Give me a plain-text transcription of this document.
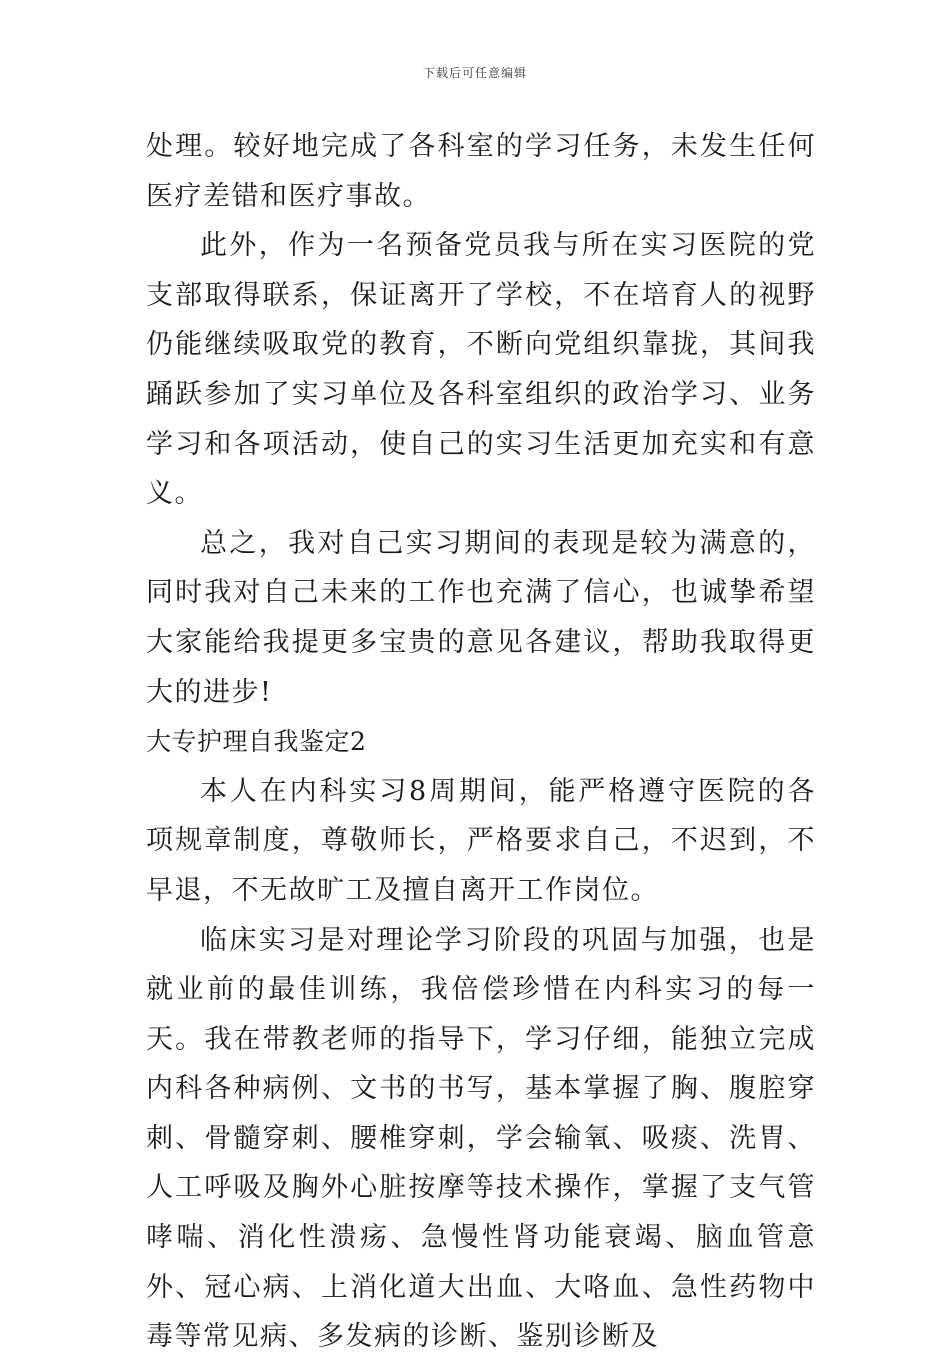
下载后可任意编辑

处理。较好地完成了各科室的学习任务，未发生任何医疗差错和医疗事故。

此外，作为一名预备党员我与所在实习医院的党支部取得联系，保证离开了学校，不在培育人的视野仍能继续吸取党的教育，不断向党组织靠拢，其间我踊跃参加了实习单位及各科室组织的政治学习、业务学习和各项活动，使自己的实习生活更加充实和有意义。

总之，我对自己实习期间的表现是较为满意的，同时我对自己未来的工作也充满了信心，也诚挚希望大家能给我提更多宝贵的意见各建议，帮助我取得更大的进步!

大专护理自我鉴定2

本人在内科实习8周期间，能严格遵守医院的各项规章制度，尊敬师长，严格要求自己，不迟到，不早退，不无故旷工及擅自离开工作岗位。

临床实习是对理论学习阶段的巩固与加强，也是就业前的最佳训练，我倍偿珍惜在内科实习的每一天。我在带教老师的指导下，学习仔细，能独立完成内科各种病例、文书的书写，基本掌握了胸、腹腔穿刺、骨髓穿刺、腰椎穿刺，学会输氧、吸痰、洗胃、人工呼吸及胸外心脏按摩等技术操作，掌握了支气管哮喘、消化性溃疡、急慢性肾功能衰竭、脑血管意外、冠心病、上消化道大出血、大咯血、急性药物中毒等常见病、多发病的诊断、鉴别诊断及
